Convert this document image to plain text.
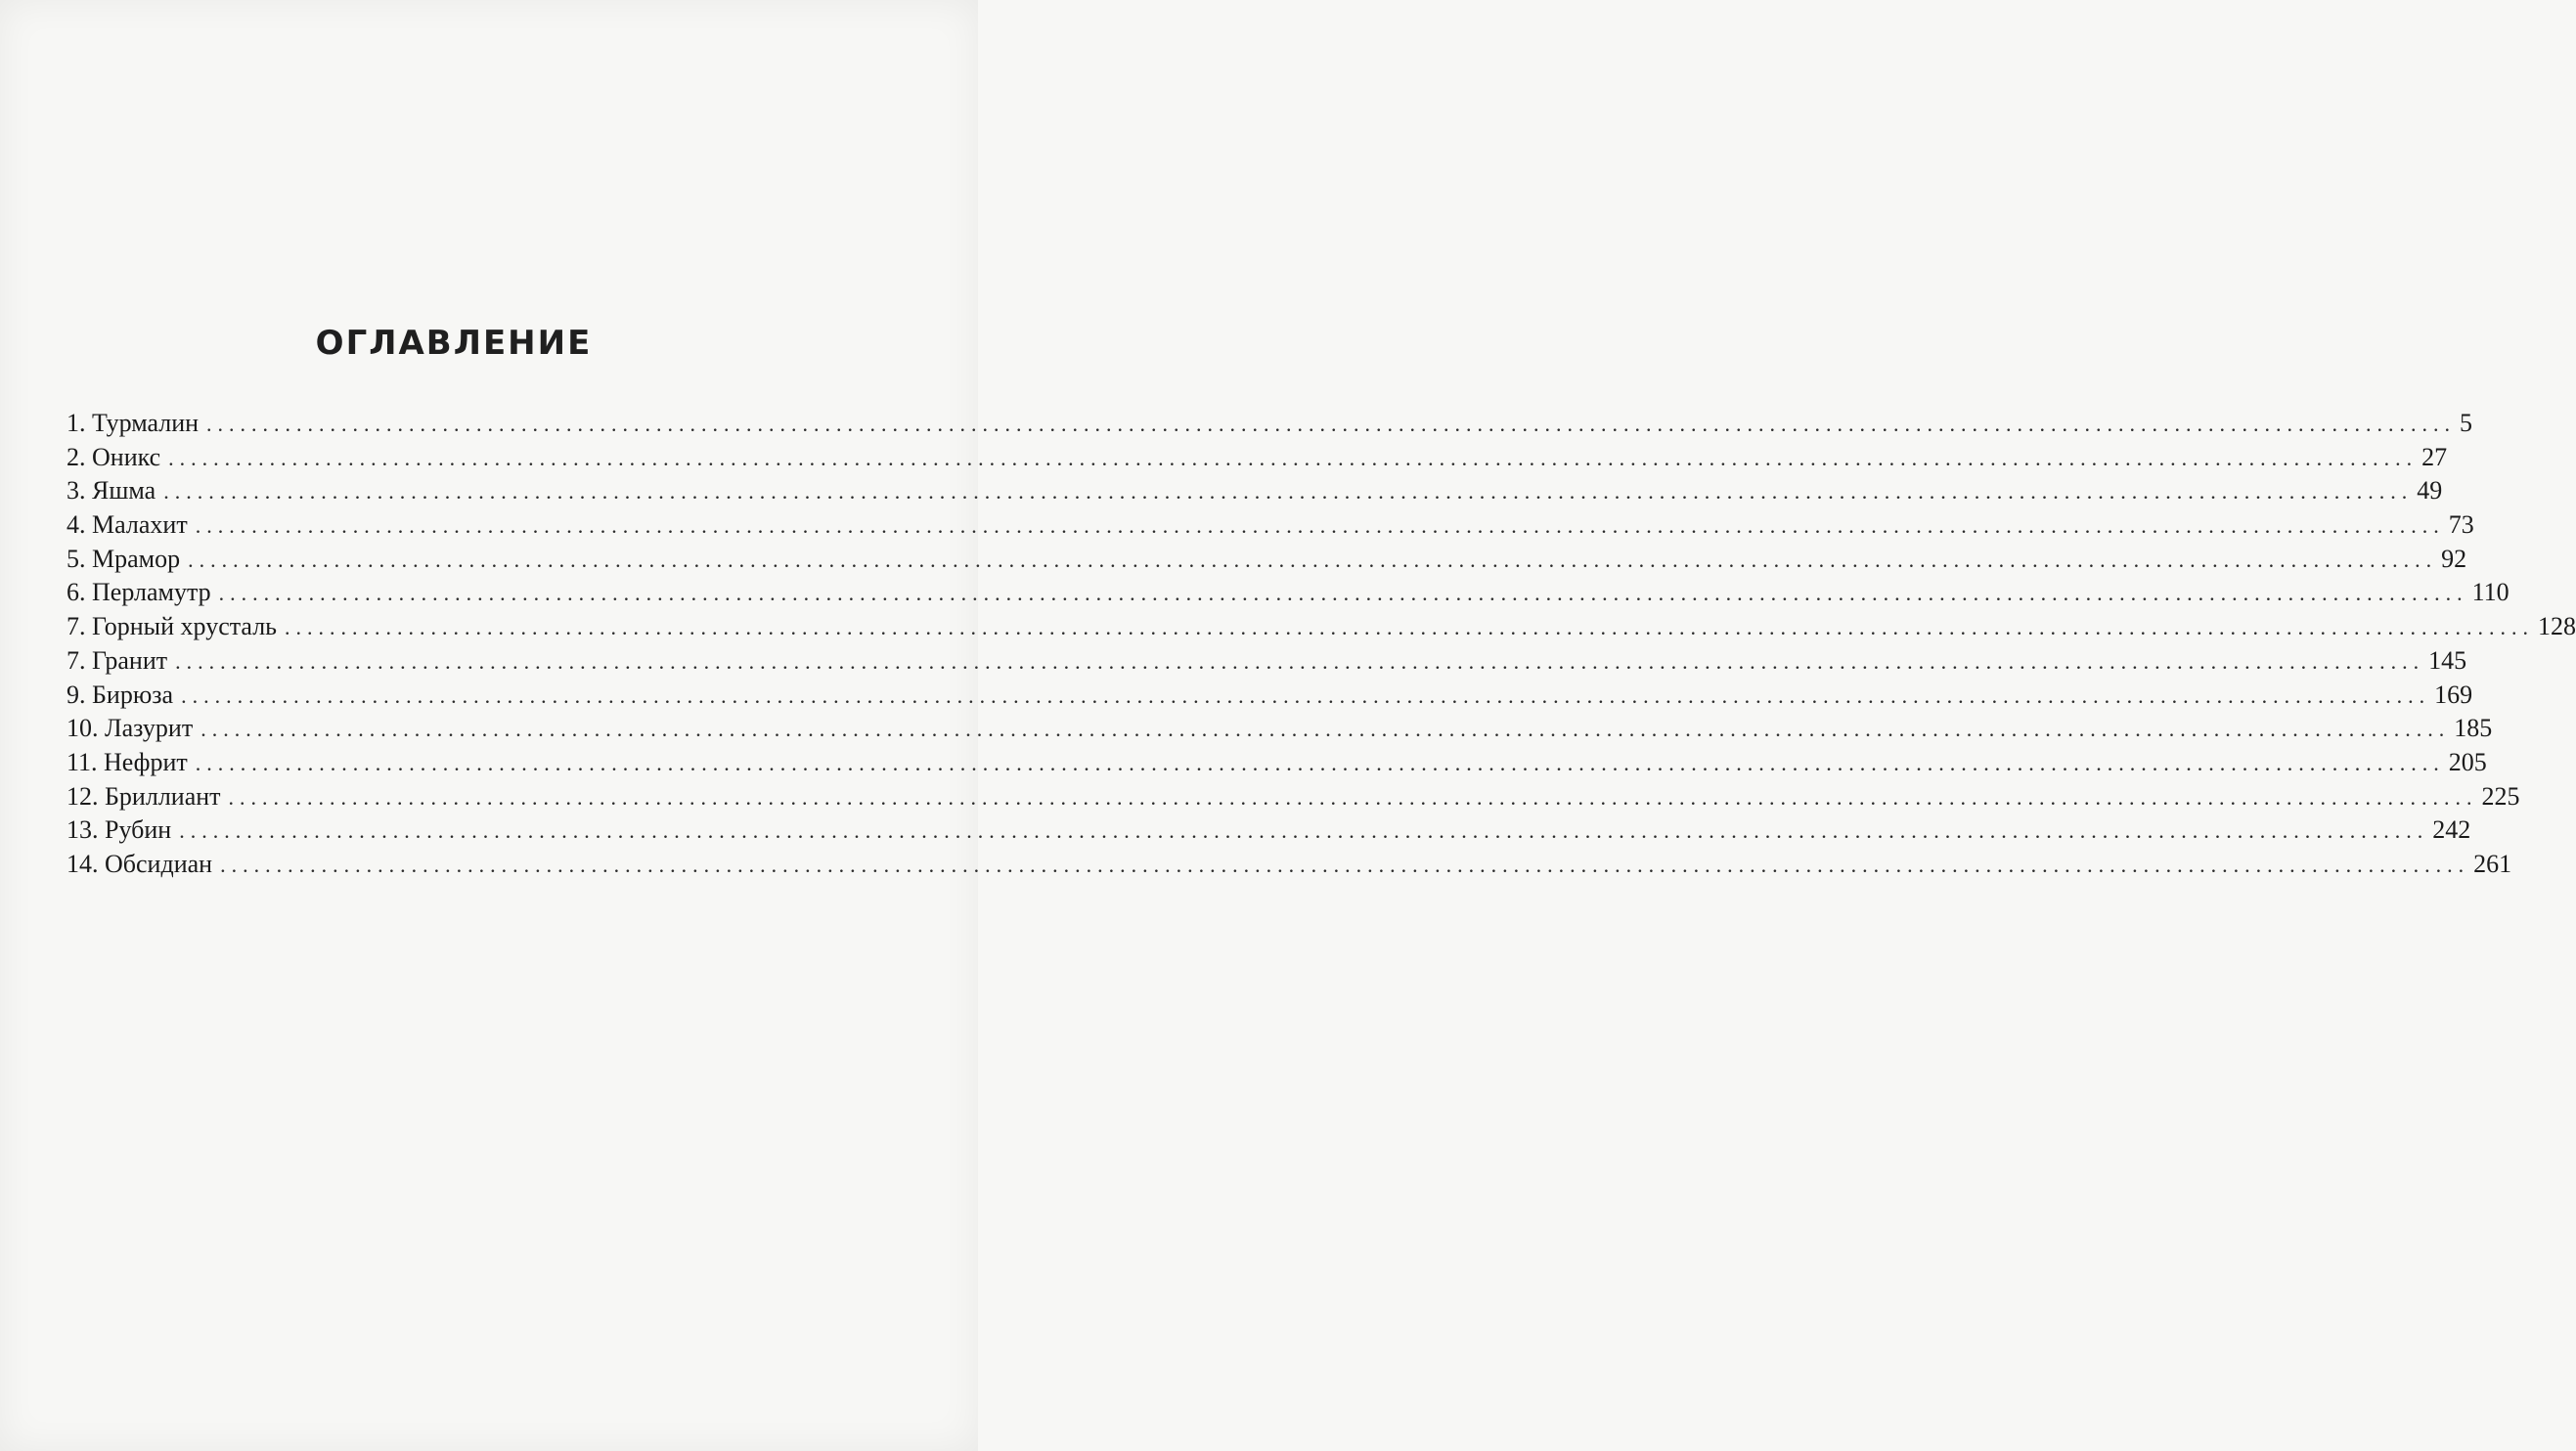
ОГЛАВЛЕНИЕ
1. Турмалин ........................................................................................................................................................................................................ 5
2. Оникс ........................................................................................................................................................................................................ 27
3. Яшма ........................................................................................................................................................................................................ 49
4. Малахит ........................................................................................................................................................................................................ 73
5. Мрамор ........................................................................................................................................................................................................ 92
6. Перламутр ........................................................................................................................................................................................................ 110
7. Горный хрусталь ........................................................................................................................................................................................................ 128
7. Гранит ........................................................................................................................................................................................................ 145
9. Бирюза ........................................................................................................................................................................................................ 169
10. Лазурит ........................................................................................................................................................................................................ 185
11. Нефрит ........................................................................................................................................................................................................ 205
12. Бриллиант ........................................................................................................................................................................................................ 225
13. Рубин ........................................................................................................................................................................................................ 242
14. Обсидиан ........................................................................................................................................................................................................ 261
